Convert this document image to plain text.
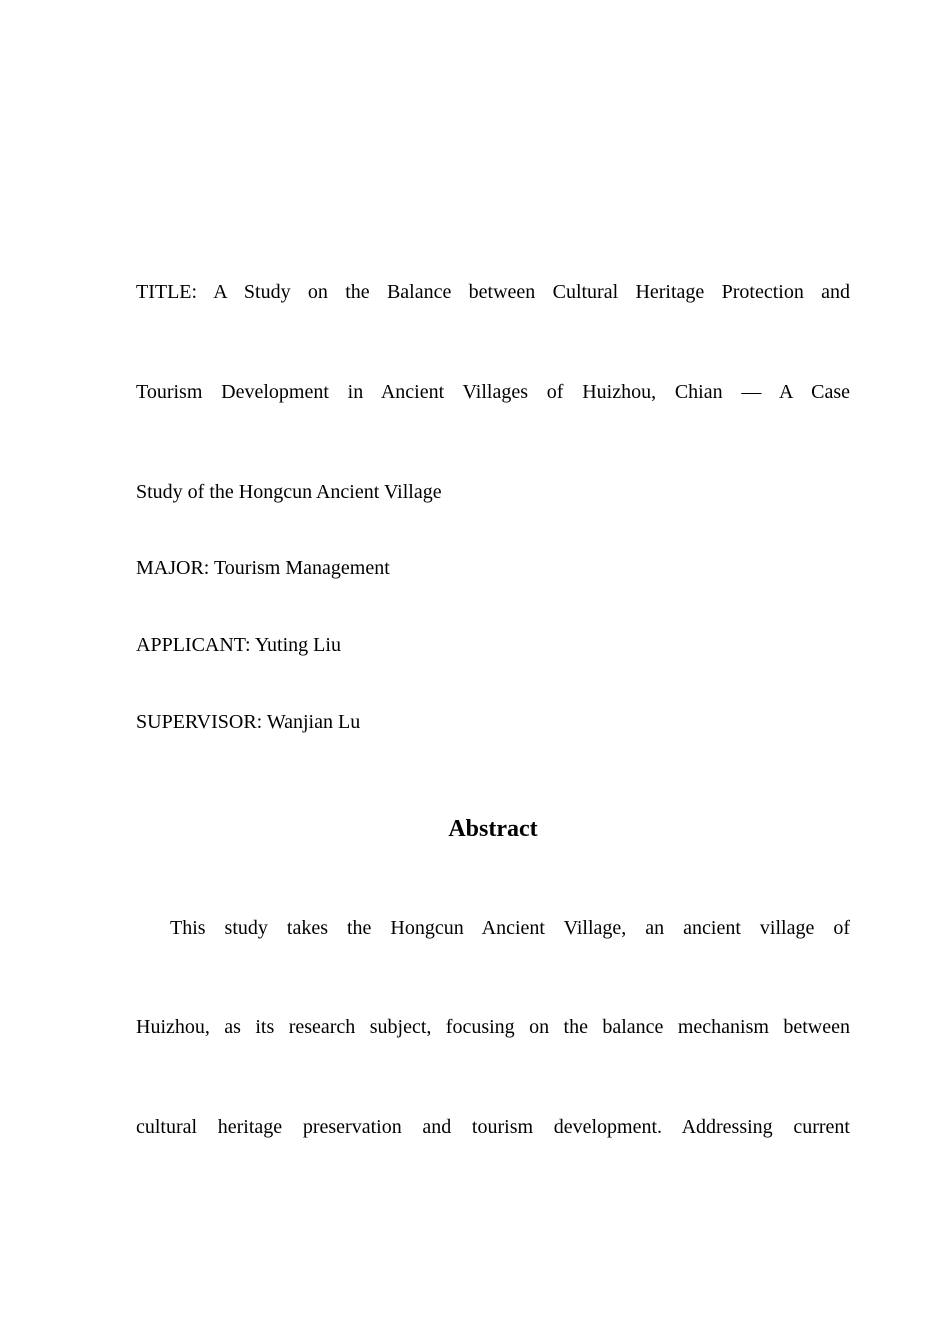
TITLE: A Study on the Balance between Cultural Heritage Protection and
Tourism Development in Ancient Villages of Huizhou, Chian — A Case
Study of the Hongcun Ancient Village
MAJOR: Tourism Management
APPLICANT: Yuting Liu
SUPERVISOR: Wanjian Lu
Abstract
This study takes the Hongcun Ancient Village, an ancient village of
Huizhou, as its research subject, focusing on the balance mechanism between
cultural heritage preservation and tourism development. Addressing current
